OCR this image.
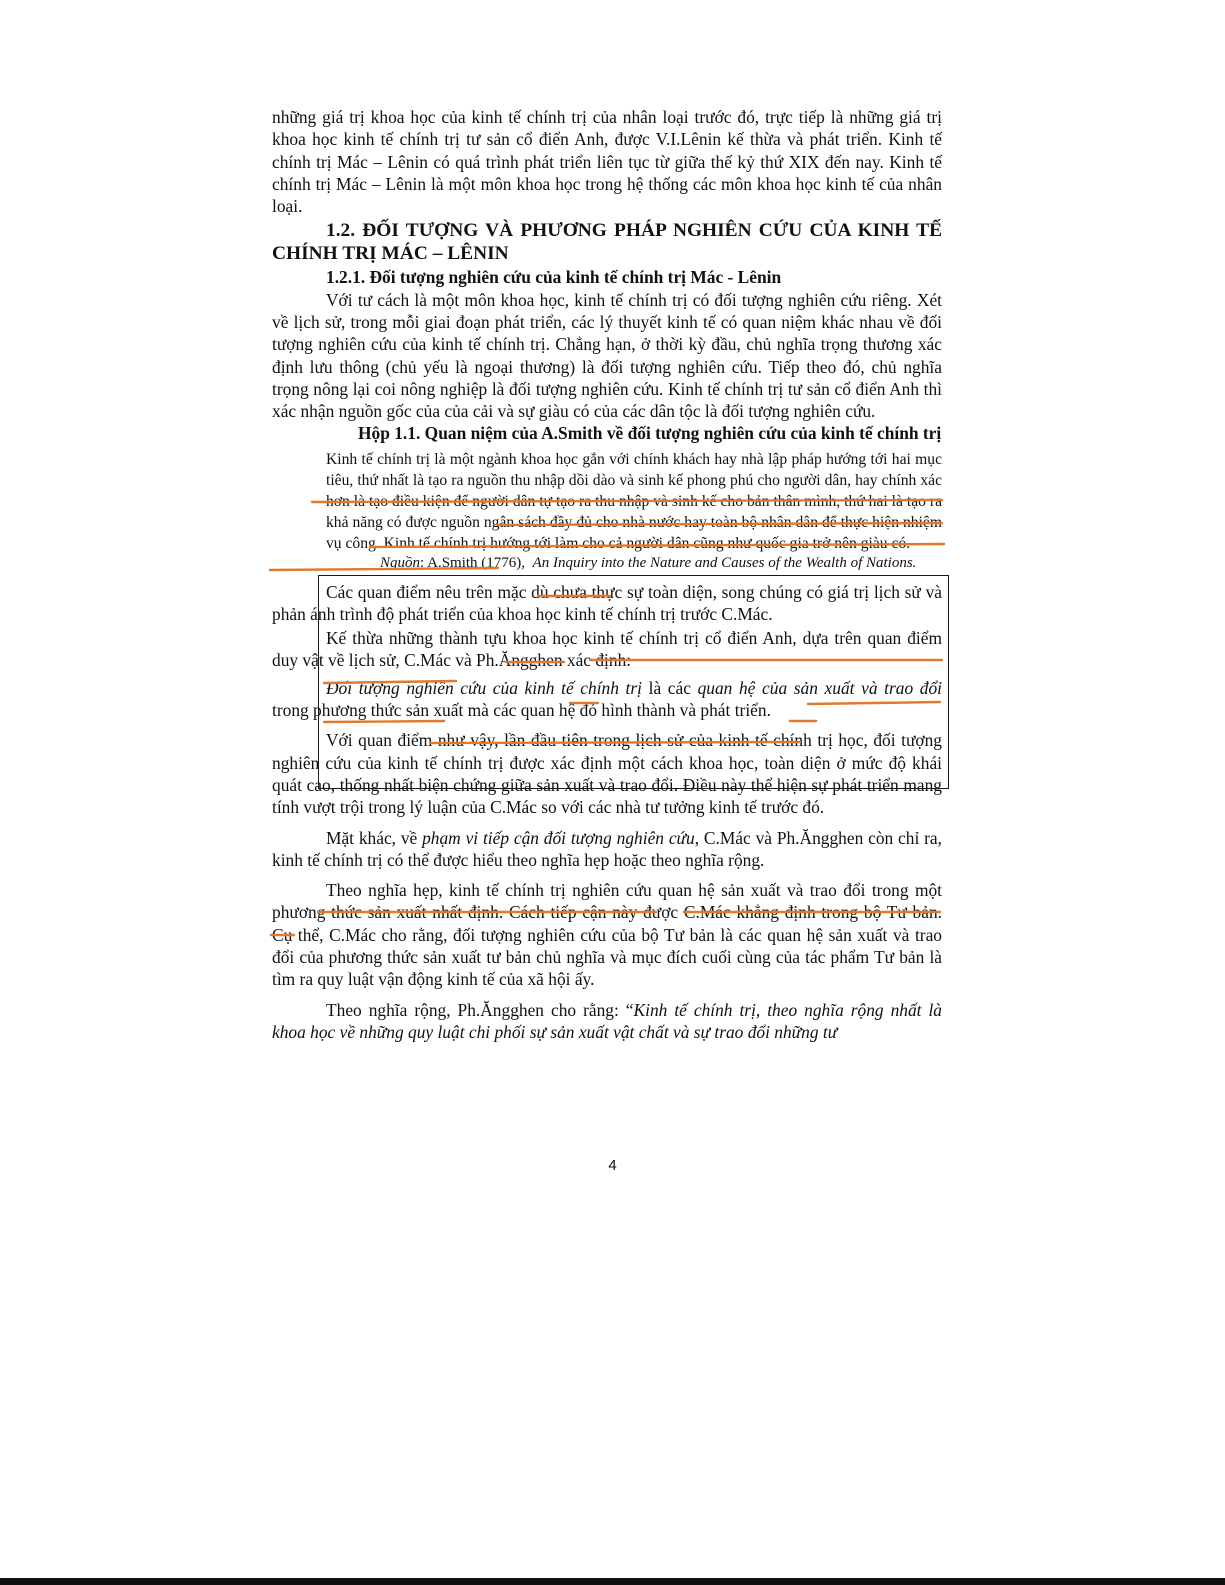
những giá trị khoa học của kinh tế chính trị của nhân loại trước đó, trực tiếp là những giá trị khoa học kinh tế chính trị tư sản cổ điển Anh, được V.I.Lênin kế thừa và phát triển. Kinh tế chính trị Mác – Lênin có quá trình phát triển liên tục từ giữa thế kỷ thứ XIX đến nay. Kinh tế chính trị Mác – Lênin là một môn khoa học trong hệ thống các môn khoa học kinh tế của nhân loại.

1.2. ĐỐI TƯỢNG VÀ PHƯƠNG PHÁP NGHIÊN CỨU CỦA KINH TẾ CHÍNH TRỊ MÁC – LÊNIN

1.2.1. Đối tượng nghiên cứu của kinh tế chính trị Mác - Lênin

Với tư cách là một môn khoa học, kinh tế chính trị có đối tượng nghiên cứu riêng. Xét về lịch sử, trong mỗi giai đoạn phát triển, các lý thuyết kinh tế có quan niệm khác nhau về đối tượng nghiên cứu của kinh tế chính trị. Chẳng hạn, ở thời kỳ đầu, chủ nghĩa trọng thương xác định lưu thông (chủ yếu là ngoại thương) là đối tượng nghiên cứu. Tiếp theo đó, chủ nghĩa trọng nông lại coi nông nghiệp là đối tượng nghiên cứu. Kinh tế chính trị tư sản cổ điển Anh thì xác nhận nguồn gốc của của cải và sự giàu có của các dân tộc là đối tượng nghiên cứu.

Hộp 1.1. Quan niệm của A.Smith về đối tượng nghiên cứu của kinh tế chính trị

Kinh tế chính trị là một ngành khoa học gắn với chính khách hay nhà lập pháp hướng tới hai mục tiêu, thứ nhất là tạo ra nguồn thu nhập dồi dào và sinh kế phong phú cho người dân, hay chính xác hơn là tạo điều kiện để người dân tự tạo ra thu nhập và sinh kế cho bản thân mình, thứ hai là tạo ra khả năng có được nguồn ngân sách đầy đủ cho nhà nước hay toàn bộ nhân dân để thực hiện nhiệm vụ công. Kinh tế chính trị hướng tới làm cho cả người dân cũng như quốc gia trở nên giàu có.

Nguồn: A.Smith (1776), An Inquiry into the Nature and Causes of the Wealth of Nations.

Các quan điểm nêu trên mặc dù chưa thực sự toàn diện, song chúng có giá trị lịch sử và phản ánh trình độ phát triển của khoa học kinh tế chính trị trước C.Mác.

Kế thừa những thành tựu khoa học kinh tế chính trị cổ điển Anh, dựa trên quan điểm duy vật về lịch sử, C.Mác và Ph.Ăngghen xác định:

Đối tượng nghiên cứu của kinh tế chính trị là các quan hệ của sản xuất và trao đổi trong phương thức sản xuất mà các quan hệ đó hình thành và phát triển.

Với quan điểm như vậy, lần đầu tiên trong lịch sử của kinh tế chính trị học, đối tượng nghiên cứu của kinh tế chính trị được xác định một cách khoa học, toàn diện ở mức độ khái quát cao, thống nhất biện chứng giữa sản xuất và trao đổi. Điều này thể hiện sự phát triển mang tính vượt trội trong lý luận của C.Mác so với các nhà tư tưởng kinh tế trước đó.

Mặt khác, về phạm vi tiếp cận đối tượng nghiên cứu, C.Mác và Ph.Ăngghen còn chỉ ra, kinh tế chính trị có thể được hiểu theo nghĩa hẹp hoặc theo nghĩa rộng.

Theo nghĩa hẹp, kinh tế chính trị nghiên cứu quan hệ sản xuất và trao đổi trong một phương thức sản xuất nhất định. Cách tiếp cận này được C.Mác khẳng định trong bộ Tư bản. Cụ thể, C.Mác cho rằng, đối tượng nghiên cứu của bộ Tư bản là các quan hệ sản xuất và trao đổi của phương thức sản xuất tư bản chủ nghĩa và mục đích cuối cùng của tác phẩm Tư bản là tìm ra quy luật vận động kinh tế của xã hội ấy.

Theo nghĩa rộng, Ph.Ăngghen cho rằng: “Kinh tế chính trị, theo nghĩa rộng nhất là khoa học về những quy luật chi phối sự sản xuất vật chất và sự trao đổi những tư

4
